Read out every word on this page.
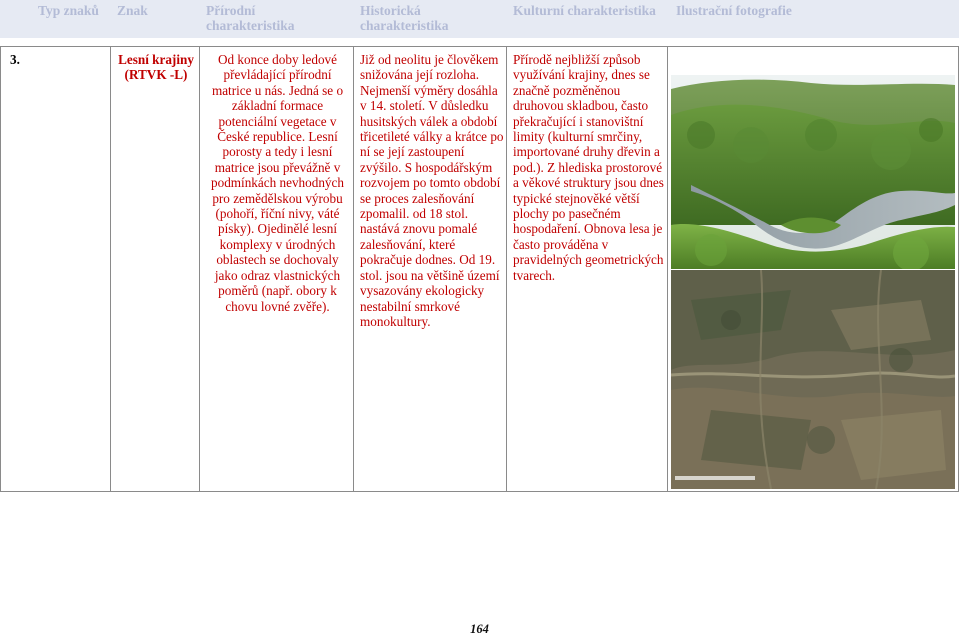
Typ znaků Znak	Přírodní charakteristika
Historická charakteristika
Kulturní charakteristika Ilustrační fotografie
3.	Lesní krajiny (RTVK -L)
Od konce doby ledové převládající přírodní matrice u nás. Jedná se o základní formace potenciální vegetace v České republice. Lesní porosty a tedy i lesní matrice jsou převážně v podmínkách nevhodných pro zemědělskou výrobu (pohoří, říční nivy, váté písky). Ojedinělé lesní komplexy v úrodných oblastech se dochovaly jako odraz vlastnických poměrů (např. obory k chovu lovné zvěře).
Již od neolitu je člověkem snižována její rozloha. Nejmenší výměry dosáhla v 14. století. V důsledku husitských válek a období třicetileté války a krátce po ní se její zastoupení zvýšilo. S hospodářským rozvojem po tomto období se proces zalesňování zpomalil. od 18 stol. nastává znovu pomalé zalesňování, které pokračuje dodnes. Od 19. stol. jsou na většině území vysazovány ekologicky nestabilní smrkové monokultury.
Přírodě nejbližší způsob využívání krajiny, dnes se značně pozměněnou druhovou skladbou, často překračující i stanovištní limity (kulturní smrčiny, importované druhy dřevin a pod.). Z hlediska prostorové a věkové struktury jsou dnes typické stejnověké větší plochy po pasečném hospodaření. Obnova lesa je často prováděna v pravidelných geometrických tvarech.
164
